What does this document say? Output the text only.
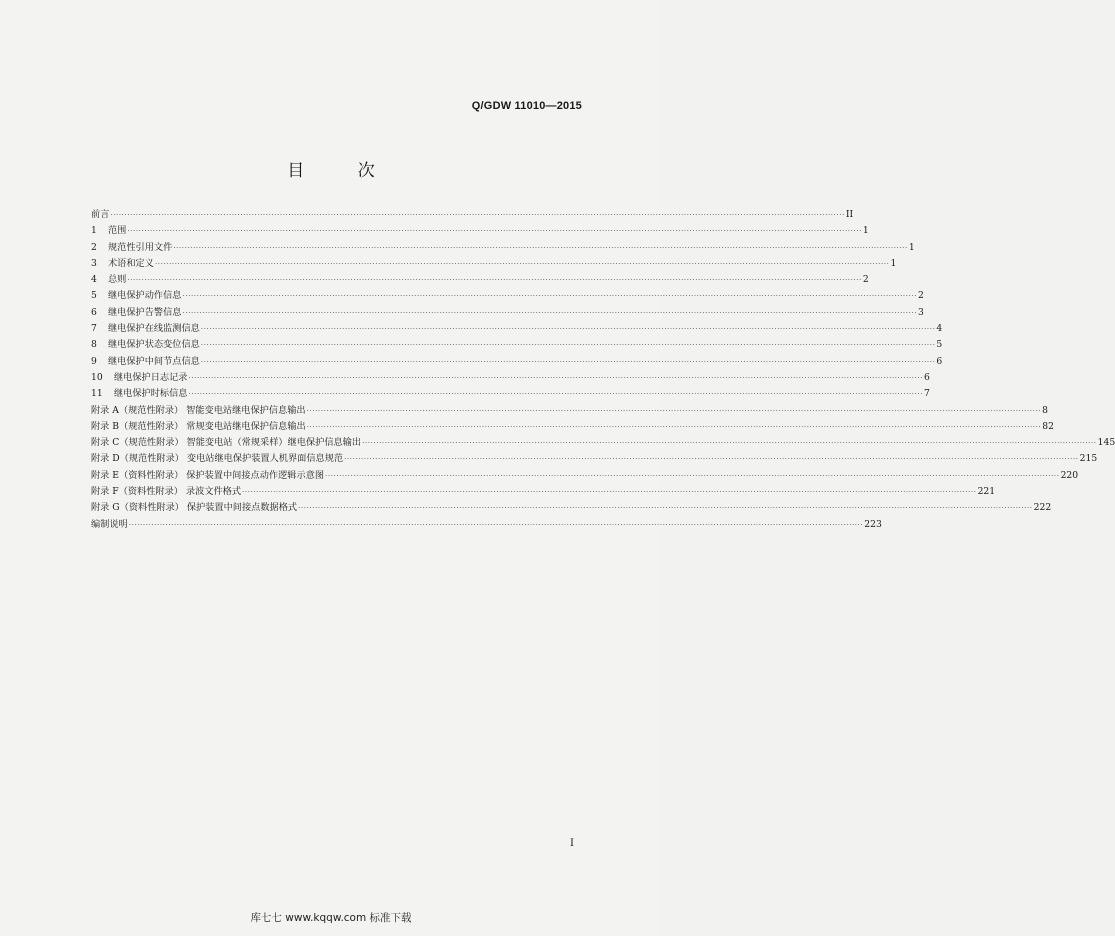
Q/GDW 11010—2015
目 次
前言 ···································································································································································································································································· II
1 范围 ···································································································································································································································································· 1
2 规范性引用文件 ···································································································································································································································································· 1
3 术语和定义 ···································································································································································································································································· 1
4 总则 ···································································································································································································································································· 2
5 继电保护动作信息 ···································································································································································································································································· 2
6 继电保护告警信息 ···································································································································································································································································· 3
7 继电保护在线监测信息 ···································································································································································································································································· 4
8 继电保护状态变位信息 ···································································································································································································································································· 5
9 继电保护中间节点信息 ···································································································································································································································································· 6
10 继电保护日志记录 ···································································································································································································································································· 6
11 继电保护时标信息 ···································································································································································································································································· 7
附录 A（规范性附录） 智能变电站继电保护信息输出 ···································································································································································································································································· 8
附录 B（规范性附录） 常规变电站继电保护信息输出 ···································································································································································································································································· 82
附录 C（规范性附录） 智能变电站（常规采样）继电保护信息输出 ···································································································································································································································································· 145
附录 D（规范性附录） 变电站继电保护装置人机界面信息规范 ···································································································································································································································································· 215
附录 E（资料性附录） 保护装置中间接点动作逻辑示意图 ···································································································································································································································································· 220
附录 F（资料性附录） 录波文件格式 ···································································································································································································································································· 221
附录 G（资料性附录） 保护装置中间接点数据格式 ···································································································································································································································································· 222
编制说明 ···································································································································································································································································· 223
I
库七七 www.kqqw.com 标准下载
